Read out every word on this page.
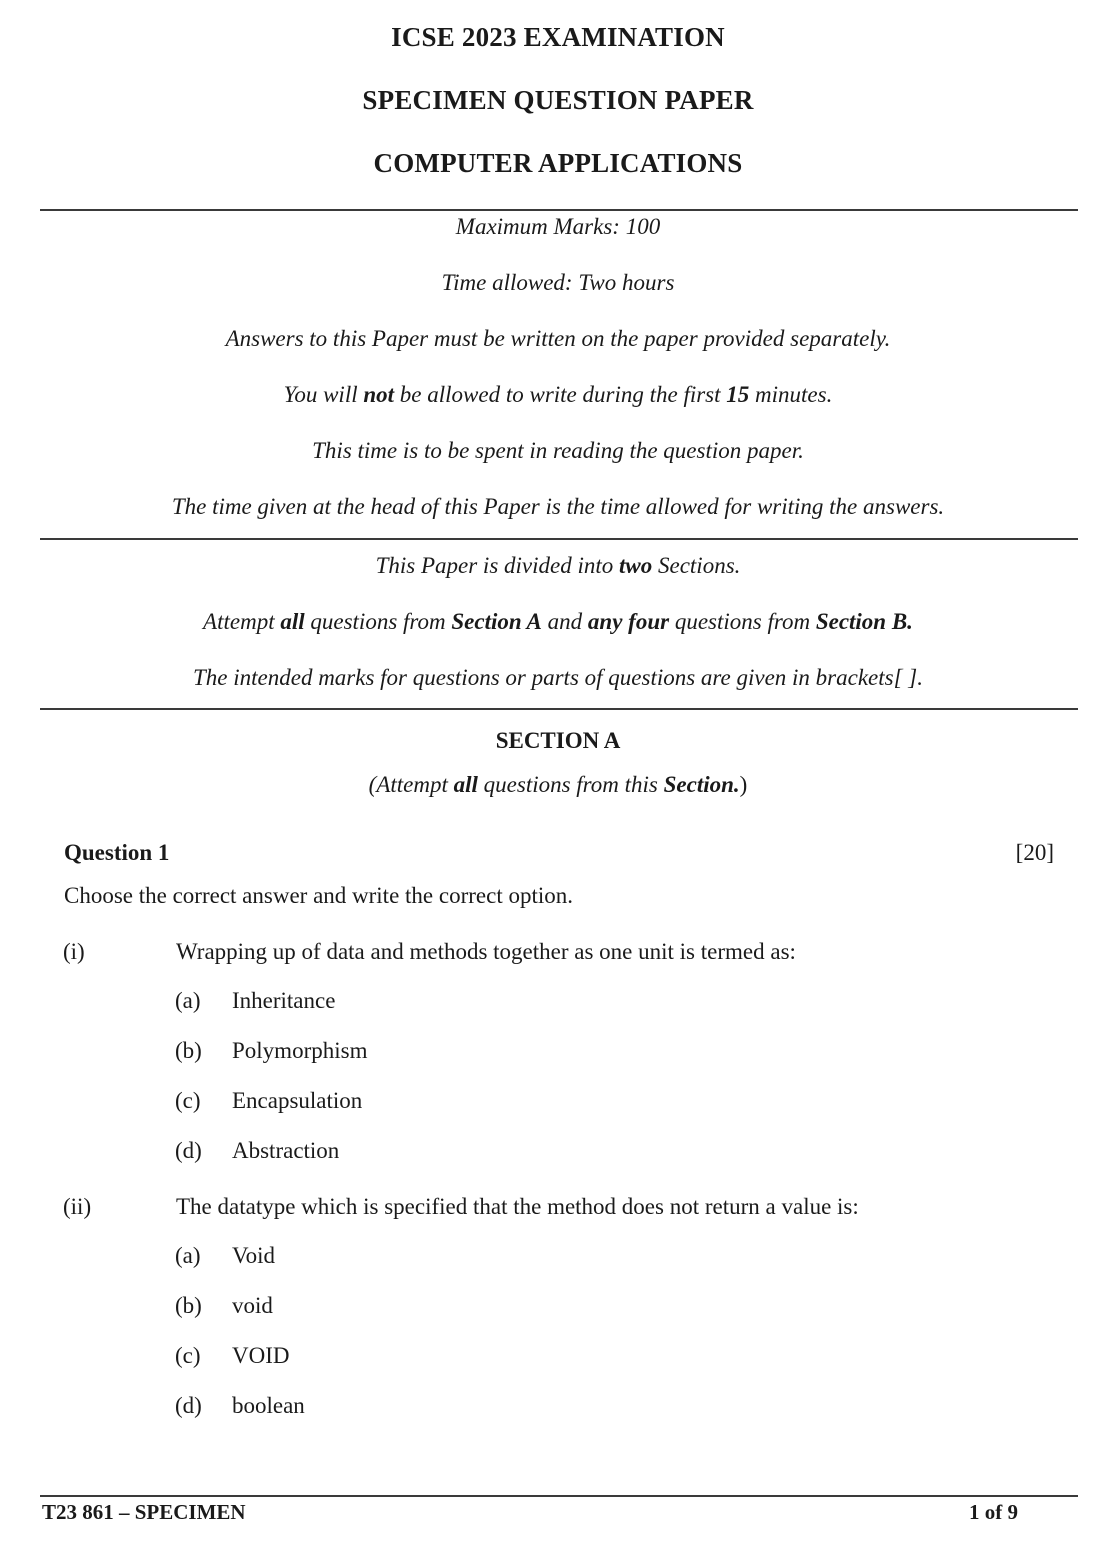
ICSE 2023 EXAMINATION
SPECIMEN QUESTION PAPER
COMPUTER APPLICATIONS
Maximum Marks: 100
Time allowed: Two hours
Answers to this Paper must be written on the paper provided separately.
You will not be allowed to write during the first 15 minutes.
This time is to be spent in reading the question paper.
The time given at the head of this Paper is the time allowed for writing the answers.
This Paper is divided into two Sections.
Attempt all questions from Section A and any four questions from Section B.
The intended marks for questions or parts of questions are given in brackets[ ].
SECTION A
(Attempt all questions from this Section.)
Question 1	[20]
Choose the correct answer and write the correct option.
(i)	Wrapping up of data and methods together as one unit is termed as:
(a) Inheritance
(b) Polymorphism
(c) Encapsulation
(d) Abstraction
(ii)	The datatype which is specified that the method does not return a value is:
(a) Void
(b) void
(c) VOID
(d) boolean
T23 861 – SPECIMEN	1 of 9
